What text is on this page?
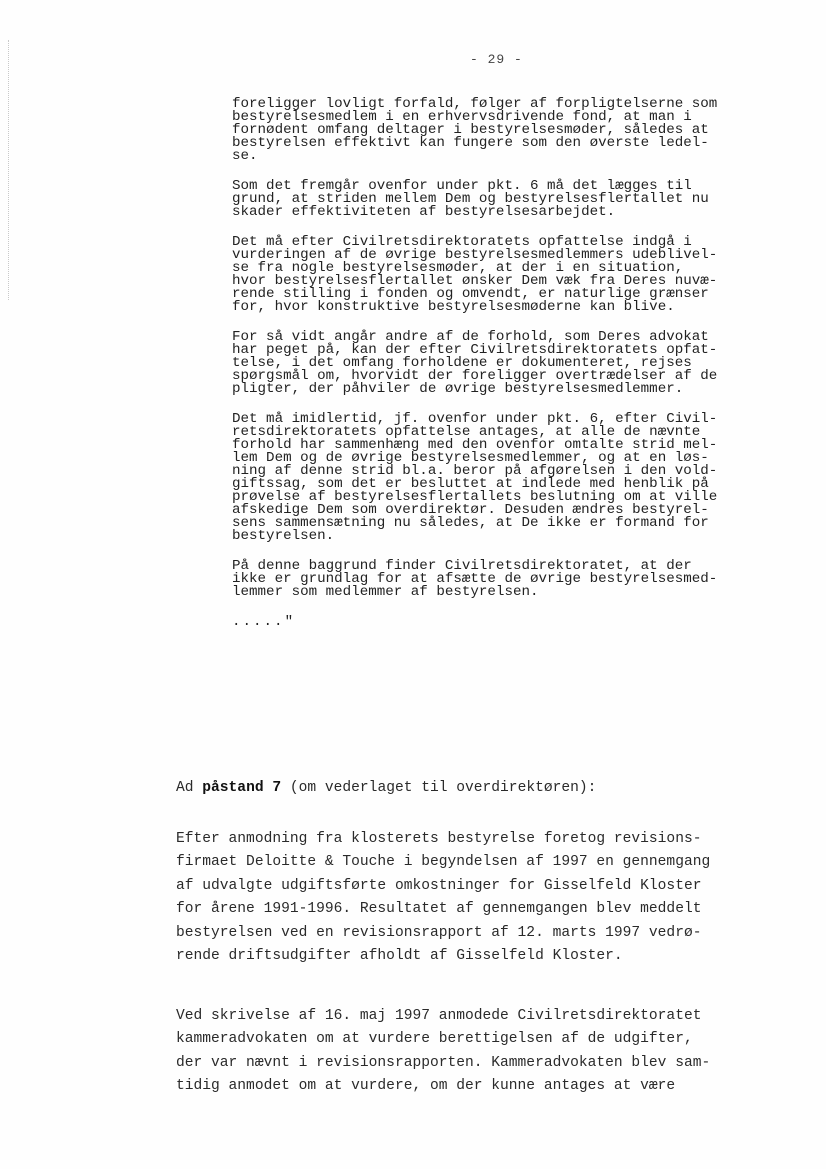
- 29 -

foreligger lovligt forfald, følger af forpligtelserne som
bestyrelsesmedlem i en erhvervsdrivende fond, at man i
fornødent omfang deltager i bestyrelsesmøder, således at
bestyrelsen effektivt kan fungere som den øverste ledel-
se.

Som det fremgår ovenfor under pkt. 6 må det lægges til
grund, at striden mellem Dem og bestyrelsesflertallet nu
skader effektiviteten af bestyrelsesarbejdet.

Det må efter Civilretsdirektoratets opfattelse indgå i
vurderingen af de øvrige bestyrelsesmedlemmers udeblivel-
se fra nogle bestyrelsesmøder, at der i en situation,
hvor bestyrelsesflertallet ønsker Dem væk fra Deres nuvæ-
rende stilling i fonden og omvendt, er naturlige grænser
for, hvor konstruktive bestyrelsesmøderne kan blive.

For så vidt angår andre af de forhold, som Deres advokat
har peget på, kan der efter Civilretsdirektoratets opfat-
telse, i det omfang forholdene er dokumenteret, rejses
spørgsmål om, hvorvidt der foreligger overtrædelser af de
pligter, der påhviler de øvrige bestyrelsesmedlemmer.

Det må imidlertid, jf. ovenfor under pkt. 6, efter Civil-
retsdirektoratets opfattelse antages, at alle de nævnte
forhold har sammenhæng med den ovenfor omtalte strid mel-
lem Dem og de øvrige bestyrelsesmedlemmer, og at en løs-
ning af denne strid bl.a. beror på afgørelsen i den vold-
giftssag, som det er besluttet at indlede med henblik på
prøvelse af bestyrelsesflertallets beslutning om at ville
afskedige Dem som overdirektør. Desuden ændres bestyrel-
sens sammensætning nu således, at De ikke er formand for
bestyrelsen.

På denne baggrund finder Civilretsdirektoratet, at der
ikke er grundlag for at afsætte de øvrige bestyrelsesmed-
lemmer som medlemmer af bestyrelsen.

....."

Ad påstand 7 (om vederlaget til overdirektøren):
Efter anmodning fra klosterets bestyrelse foretog revisions-
firmaet Deloitte & Touche i begyndelsen af 1997 en gennemgang
af udvalgte udgiftsførte omkostninger for Gisselfeld Kloster
for årene 1991-1996. Resultatet af gennemgangen blev meddelt
bestyrelsen ved en revisionsrapport af 12. marts 1997 vedrø-
rende driftsudgifter afholdt af Gisselfeld Kloster.
Ved skrivelse af 16. maj 1997 anmodede Civilretsdirektoratet
kammeradvokaten om at vurdere berettigelsen af de udgifter,
der var nævnt i revisionsrapporten. Kammeradvokaten blev sam-
tidig anmodet om at vurdere, om der kunne antages at være
